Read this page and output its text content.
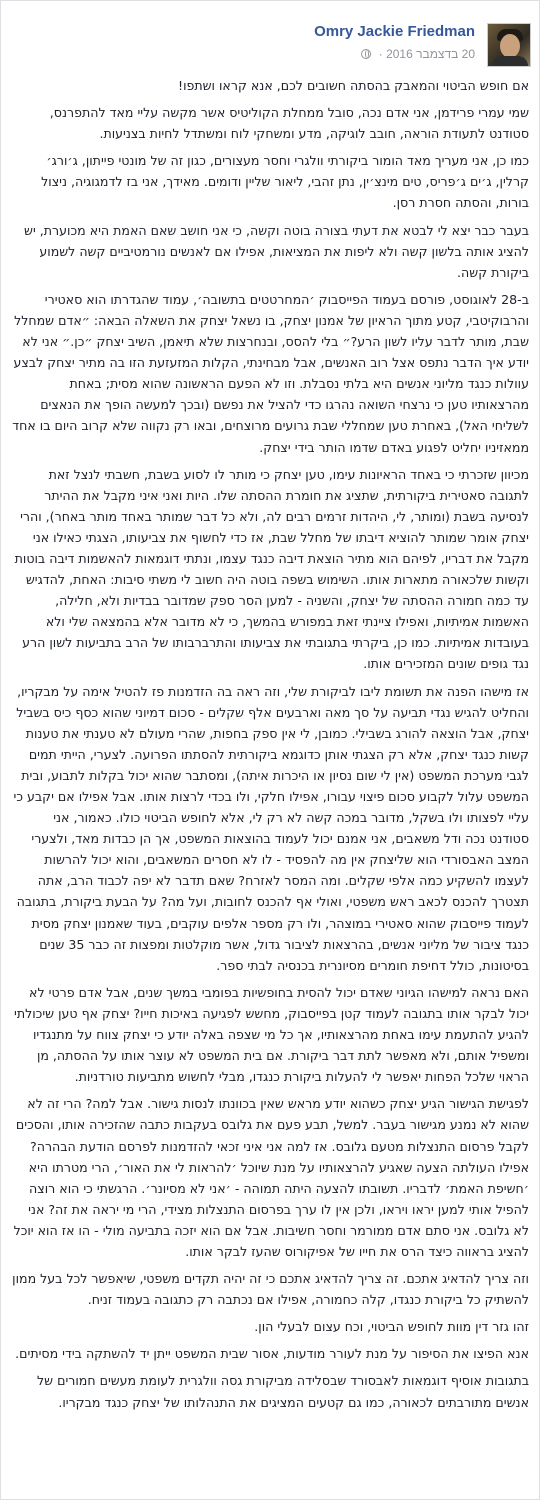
Omry Jackie Friedman
20 בדצמבר 2016 ·

אם חופש הביטוי והמאבק בהסתה חשובים לכם, אנא קראו ושתפו!

שמי עמרי פרידמן, אני אדם נכה, סובל ממחלת הקוליטיס אשר מקשה עליי מאד להתפרנס, סטודנט לתעודת הוראה, חובב לוגיקה, מדע ומשחקי לוח ומשתדל לחיות בצניעות.

כמו כן, אני מעריך מאד הומור ביקורתי וולגרי וחסר מעצורים, כגון זה של מונטי פייתון, ג׳ורג׳ קרלין, ג׳ים ג׳פריס, טים מינצ׳ין, נתן זהבי, ליאור שליין ודומים. מאידך, אני בז לדמגוגיה, ניצול בורות, והסתה חסרת רסן.

בעבר כבר יצא לי לבטא את דעתי בצורה בוטה וקשה, כי אני חושב שאם האמת היא מכוערת, יש להציג אותה בלשון קשה ולא ליפות את המציאות, אפילו אם לאנשים נורמטיביים קשה לשמוע ביקורת קשה.

ב-28 לאוגוסט, פורסם בעמוד הפייסבוק ׳המחרטטים בתשובה׳, עמוד שהגדרתו הוא סאטירי והרבוקיטבי, קטע מתוך הראיון של אמנון יצחק, בו נשאל יצחק את השאלה הבאה: ״אדם שמחלל שבת, מותר לדבר עליו לשון הרע?״ בלי להסס, ובנחרצות שלא תיאמן, השיב יצחק ״כן.״ אני לא יודע איך הדבר נתפס אצל רוב האנשים, אבל מבחינתי, הקלות המזעזעת הזו בה מתיר יצחק לבצע עוולות כנגד מליוני אנשים היא בלתי נסבלת. וזו לא הפעם הראשונה שהוא מסית; באחת מהרצאותיו טען כי נרצחי השואה נהרגו כדי להציל את נפשם (ובכך למעשה הופך את הנאצים לשליחי האל), באחרת טען שמחללי שבת גרועים מרוצחים, ובאו רק נקווה שלא קרוב היום בו אחד ממאזיניו יחליט לפגוע באדם שדמו הותר בידי יצחק.

מכיוון שזכרתי כי באחד הראיונות עימו, טען יצחק כי מותר לו לסוע בשבת, חשבתי לנצל זאת לתגובה סאטירית ביקורתית, שתציג את חומרת ההסתה שלו. היות ואני איני מקבל את ההיתר לנסיעה בשבת (ומותר, לי, היהדות זרמים רבים לה, ולא כל דבר שמותר באחד מותר באחר), והרי יצחק אומר שמותר להוציא דיבתו של מחלל שבת, אז כדי לחשוף את צביעותו, הצגתי כאילו אני מקבל את דבריו, לפיהם הוא מתיר הוצאת דיבה כנגד עצמו, ונתתי דוגמאות להאשמות דיבה בוטות וקשות שלכאורה מתארות אותו. השימוש בשפה בוטה היה חשוב לי משתי סיבות: האחת, להדגיש עד כמה חמורה ההסתה של יצחק, והשניה - למען הסר ספק שמדובר בבדיות ולא, חלילה, האשמות אמיתיות, ואפילו ציינתי זאת במפורש בהמשך, כי לא מדובר אלא בהמצאה שלי ולא בעובדות אמיתיות. כמו כן, ביקרתי בתגובתי את צביעותו והתרברבותו של הרב בתביעות לשון הרע נגד גופים שונים המזכירים אותו.

אז מישהו הפנה את תשומת ליבו לביקורת שלי, וזה ראה בה הזדמנות פז להטיל אימה על מבקריו, והחליט להגיש נגדי תביעה על סך מאה וארבעים אלף שקלים - סכום דמיוני שהוא כסף כיס בשביל יצחק, אבל הוצאה להורג בשבילי. כמובן, לי אין ספק בחפות, שהרי מעולם לא טענתי את טענות קשות כנגד יצחק, אלא רק הצגתי אותן כדוגמא ביקורתית להסתתו הפרועה. לצערי, הייתי תמים לגבי מערכת המשפט (אין לי שום נסיון או היכרות איתה), ומסתבר שהוא יכול בקלות לתבוע, ובית המשפט עלול לקבוע סכום פיצוי עבורו, אפילו חלקי, ולו בכדי לרצות אותו. אבל אפילו אם יקבע כי עליי לפצותו ולו בשקל, מדובר במכה קשה לא רק לי, אלא לחופש הביטוי כולו. כאמור, אני סטודנט נכה ודל משאבים, אני אמנם יכול לעמוד בהוצאות המשפט, אך הן כבדות מאד, ולצערי המצב האבסורדי הוא שליצחק אין מה להפסיד - לו לא חסרים המשאבים, והוא יכול להרשות לעצמו להשקיע כמה אלפי שקלים. ומה המסר לאזרח? שאם תדבר לא יפה לכבוד הרב, אתה תצטרך להכנס לכאב ראש משפטי, ואולי אף להכנס לחובות, ועל מה? על הבעת ביקורת, בתגובה לעמוד פייסבוק שהוא סאטירי במוצהר, ולו רק מספר אלפים עוקבים, בעוד שאמנון יצחק מסית כנגד ציבור של מליוני אנשים, בהרצאות לציבור גדול, אשר מוקלטות ומפצות זה כבר 35 שנים בסיטונות, כולל דחיפת חומרים מסיונרית בכנסיה לבתי ספר.

האם נראה למישהו הגיוני שאדם יכול להסית בחופשיות בפומבי במשך שנים, אבל אדם פרטי לא יכול לבקר אותו בתגובה לעמוד קטן בפייסבוק, מחשש לפגיעה באיכות חייו? יצחק אף טען שיכולתי להגיע להתעמת עימו באחת מהרצאותיו, אך כל מי שצפה באלה יודע כי יצחק צווח על מתנגדיו ומשפיל אותם, ולא מאפשר לתת דבר ביקורת. אם בית המשפט לא עוצר אותו על ההסתה, מן הראוי שלכל הפחות יאפשר לי להעלות ביקורת כנגדו, מבלי לחשוש מתביעות טורדניות.

לפגישת הגישור הגיע יצחק כשהוא יודע מראש שאין בכוונתו לנסות גישור. אבל למה? הרי זה לא שהוא לא נמנע מגישור בעבר. למשל, תבע פעם את גלובס בעקבות כתבה שהזכירה אותו, והסכים לקבל פרסום התנצלות מטעם גלובס. אז למה אני איני זכאי להזדמנות לפרסם הודעת הבהרה? אפילו העולתה הצעה שאגיע להרצאותיו על מנת שיוכל ׳להראות לי את האור׳, הרי מטרתו היא ׳חשיפת האמת׳ לדבריו. תשובתו להצעה היתה תמוהה - ׳אני לא מסיונר׳. הרגשתי כי הוא רוצה להפיל אותי למען יראו ויראו, ולכן אין לו ערך בפרסום התנצלות מצידי, הרי מי יראה את זה? אני לא גלובס. אני סתם אדם ממורמר וחסר חשיבות. אבל אם הוא יזכה בתביעה מולי - הו אז הוא יוכל להציג בראווה כיצד הרס את חייו של אפיקורוס שהעז לבקר אותו.

וזה צריך להדאיג אתכם. זה צריך להדאיג אתכם כי זה יהיה תקדים משפטי, שיאפשר לכל בעל ממון להשתיק כל ביקורת כנגדו, קלה כחמורה, אפילו אם נכתבה רק כתגובה בעמוד זניח.

זהו גזר דין מוות לחופש הביטוי, וכח עצום לבעלי הון.

אנא הפיצו את הסיפור על מנת לעורר מודעות, אסור שבית המשפט ייתן יד להשתקה בידי מסיתים.

בתגובות אוסיף דוגמאות לאבסורד שבסלידה מביקורת גסה וולגרית לעומת מעשים חמורים של אנשים מתורבתים לכאורה, כמו גם קטעים המציגים את התנהלותו של יצחק כנגד מבקריו.
